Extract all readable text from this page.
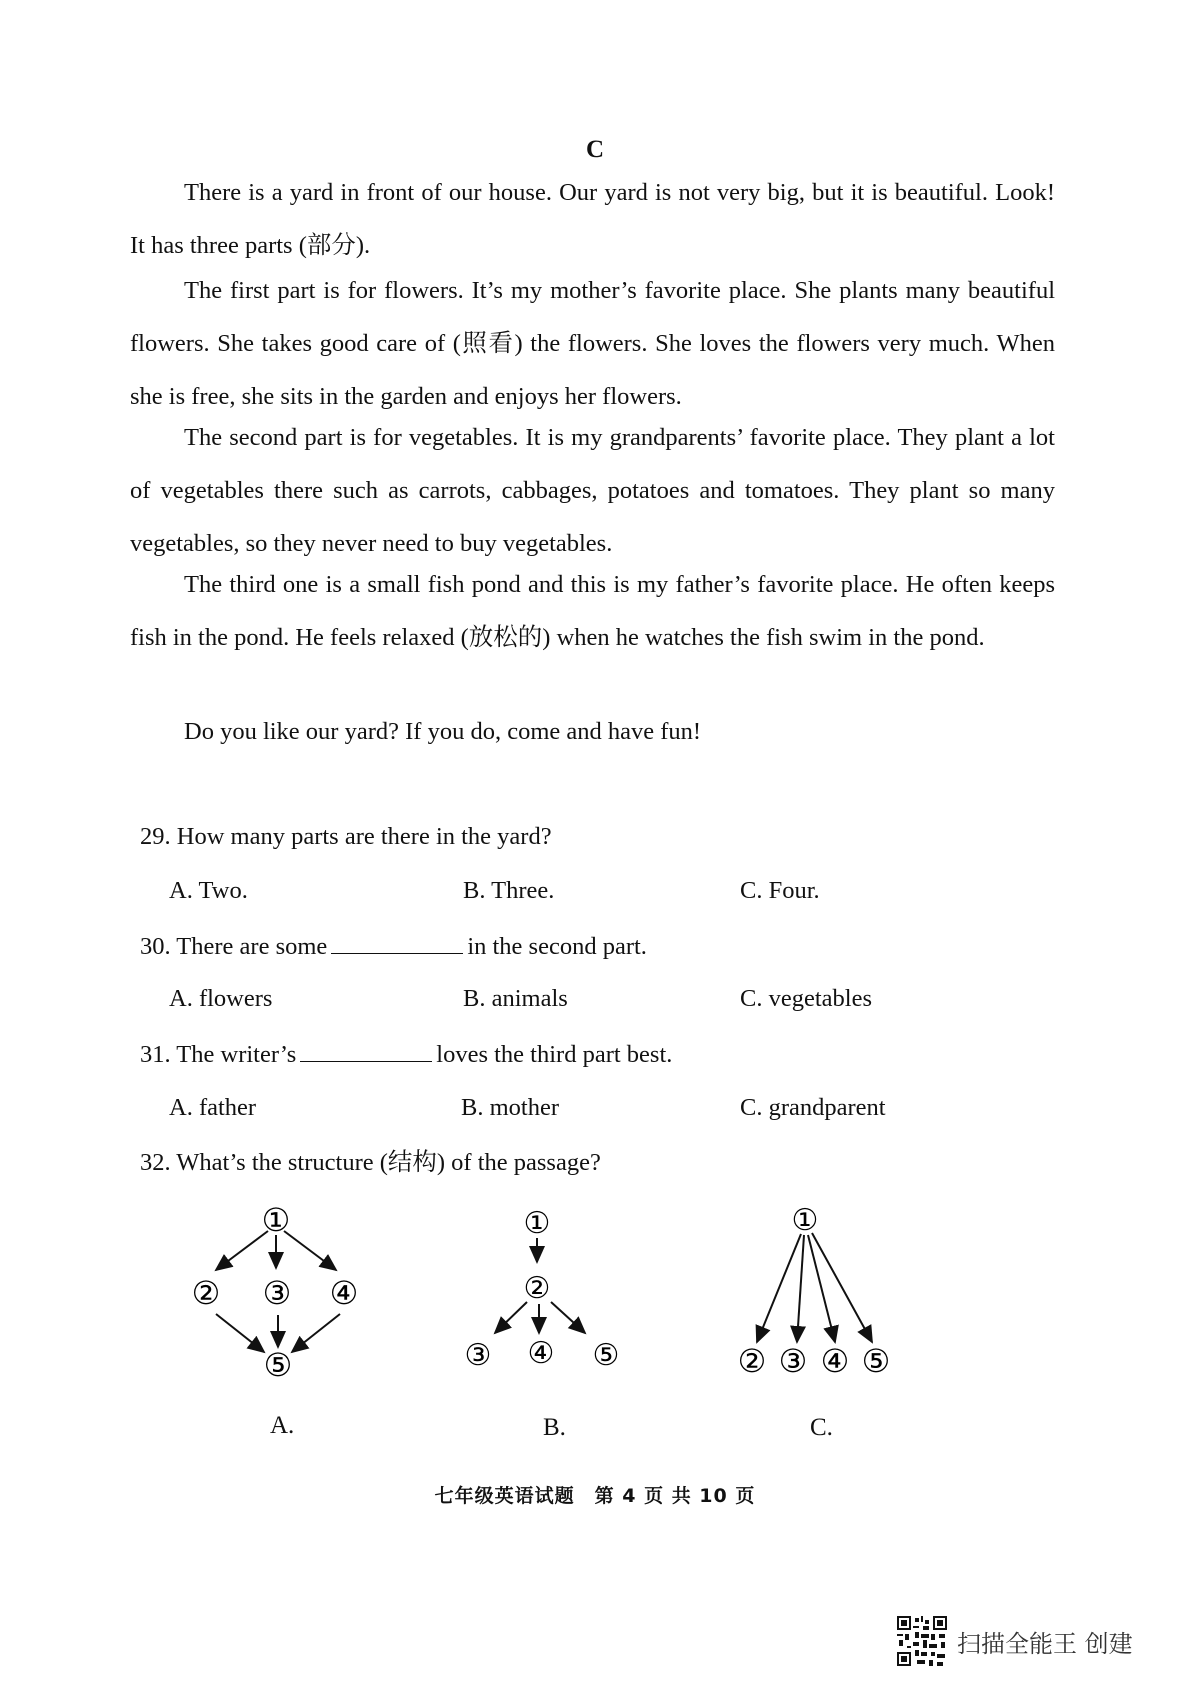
C

There is a yard in front of our house. Our yard is not very big, but it is beautiful. Look! It has three parts (部分).

The first part is for flowers. It’s my mother’s favorite place. She plants many beautiful flowers. She takes good care of (照看) the flowers. She loves the flowers very much. When she is free, she sits in the garden and enjoys her flowers.

The second part is for vegetables. It is my grandparents’ favorite place. They plant a lot of vegetables there such as carrots, cabbages, potatoes and tomatoes. They plant so many vegetables, so they never need to buy vegetables.

The third one is a small fish pond and this is my father’s favorite place. He often keeps fish in the pond. He feels relaxed (放松的) when he watches the fish swim in the pond.

Do you like our yard? If you do, come and have fun!

29. How many parts are there in the yard?
A. Two.	B. Three.	C. Four.
30. There are some	in the second part.
A. flowers	B. animals	C. vegetables
31. The writer’s	loves the third part best.
A. father	B. mother	C. grandparent
32. What’s the structure (结构) of the passage?
①
② ③ ④
⑤
A.
①
②
③ ④ ⑤
B.
①
② ③ ④ ⑤
C.
七年级英语试题　第 4 页 共 10 页
扫描全能王 创建
